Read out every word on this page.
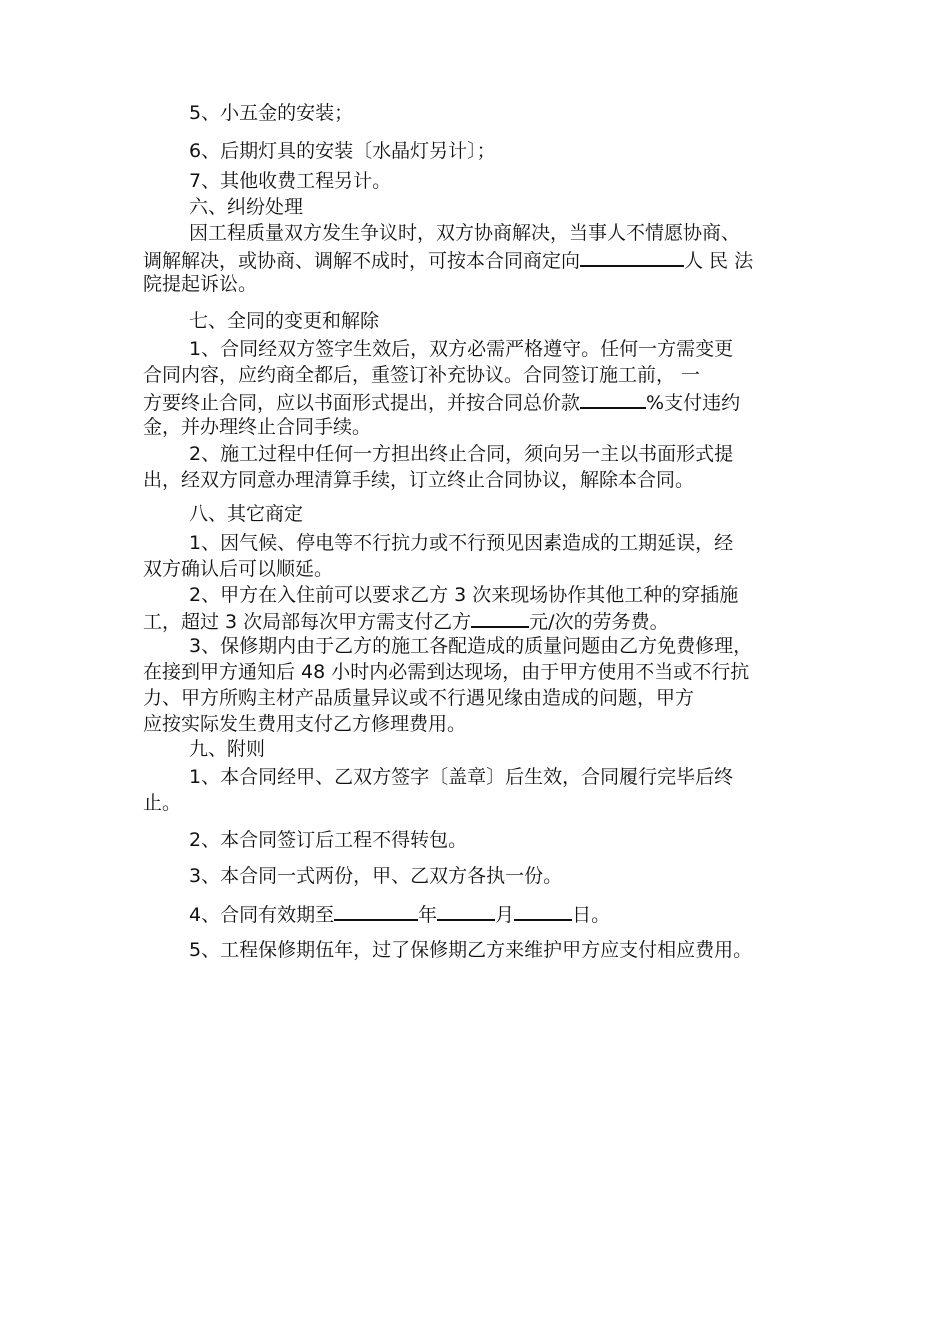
5、小五金的安装；
6、后期灯具的安装〔水晶灯另计〕；
7、其他收费工程另计。
六、纠纷处理
因工程质量双方发生争议时，双方协商解决，当事人不情愿协商、
调解解决，或协商、调解不成时，可按本合同商定向	人 民 法
院提起诉讼。
七、全同的变更和解除
1、合同经双方签字生效后，双方必需严格遵守。任何一方需变更
合同内容，应约商全都后，重签订补充协议。合同签订施工前， 一
方要终止合同，应以书面形式提出，并按合同总价款	%支付违约
金，并办理终止合同手续。
2、施工过程中任何一方担出终止合同，须向另一主以书面形式提
出，经双方同意办理清算手续，订立终止合同协议，解除本合同。
八、其它商定
1、因气候、停电等不行抗力或不行预见因素造成的工期延误，经
双方确认后可以顺延。
2、甲方在入住前可以要求乙方 3 次来现场协作其他工种的穿插施
工，超过 3 次局部每次甲方需支付乙方	元/次的劳务费。
3、保修期内由于乙方的施工各配造成的质量问题由乙方免费修理，
在接到甲方通知后 48 小时内必需到达现场，由于甲方使用不当或不行抗
力、甲方所购主材产品质量异议或不行遇见缘由造成的问题，甲方
应按实际发生费用支付乙方修理费用。
九、附则
1、本合同经甲、乙双方签字〔盖章〕后生效，合同履行完毕后终
止。
2、本合同签订后工程不得转包。
3、本合同一式两份，甲、乙双方各执一份。
4、合同有效期至	年	月	日。
5、工程保修期伍年，过了保修期乙方来维护甲方应支付相应费用。
